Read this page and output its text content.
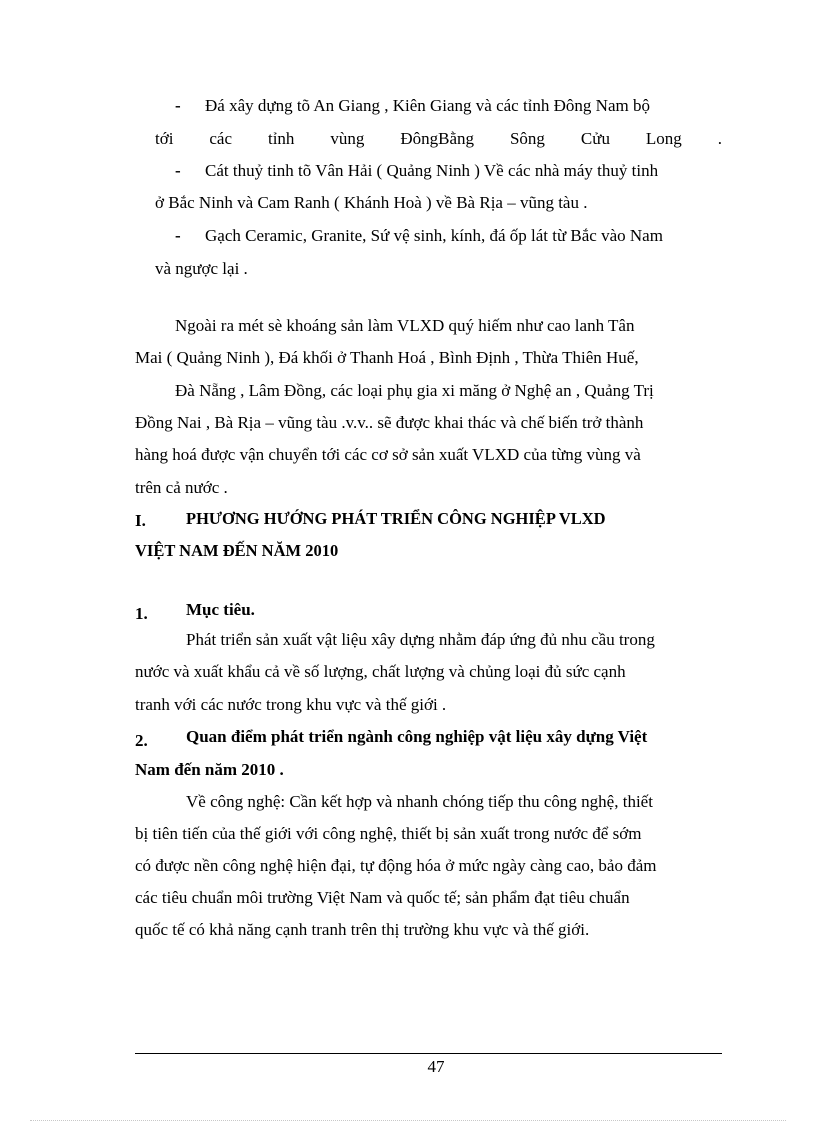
- Đá xây dựng tõ An Giang , Kiên Giang và các tỉnh Đông Nam bộ
tới các tỉnh vùng ĐôngBằng Sông Cửu Long .
- Cát thuỷ tinh tõ Vân Hải ( Quảng Ninh ) Về các nhà máy thuỷ tinh
ở Bắc Ninh và Cam Ranh ( Khánh Hoà ) về Bà Rịa – vũng tàu .
- Gạch Ceramic, Granite, Sứ vệ sinh, kính, đá ốp lát từ Bắc vào Nam
và ngược lại .
Ngoài ra mét sè khoáng sản làm VLXD quý hiếm như cao lanh Tân
Mai ( Quảng Ninh ), Đá khối ở Thanh Hoá , Bình Định , Thừa Thiên Huế,
Đà Nẵng , Lâm Đồng, các loại phụ gia xi măng ở Nghệ an , Quảng Trị
Đồng Nai , Bà Rịa – vũng tàu .v.v.. sẽ được khai thác và chế biến trở thành
hàng hoá được vận chuyển tới các cơ sở sản xuất VLXD của từng vùng và
trên cả nước .
I. PHƯƠNG HƯỚNG PHÁT TRIỂN CÔNG NGHIỆP VLXD
VIỆT NAM ĐẾN NĂM 2010
1. Mục tiêu.
Phát triển sản xuất vật liệu xây dựng nhằm đáp ứng đủ nhu cầu trong
nước và xuất khẩu cả về số lượng, chất lượng và chủng loại đủ sức cạnh
tranh với các nước trong khu vực và thế giới .
2. Quan điểm phát triển ngành công nghiệp vật liệu xây dựng Việt
Nam đến năm 2010 .
Về công nghệ: Cần kết hợp và nhanh chóng tiếp thu công nghệ, thiết
bị tiên tiến của thế giới với công nghệ, thiết bị sản xuất trong nước để sớm
có được nền công nghệ hiện đại, tự động hóa ở mức ngày càng cao, bảo đảm
các tiêu chuẩn môi trường Việt Nam và quốc tế; sản phẩm đạt tiêu chuẩn
quốc tế có khả năng cạnh tranh trên thị trường khu vực và thế giới.
47
